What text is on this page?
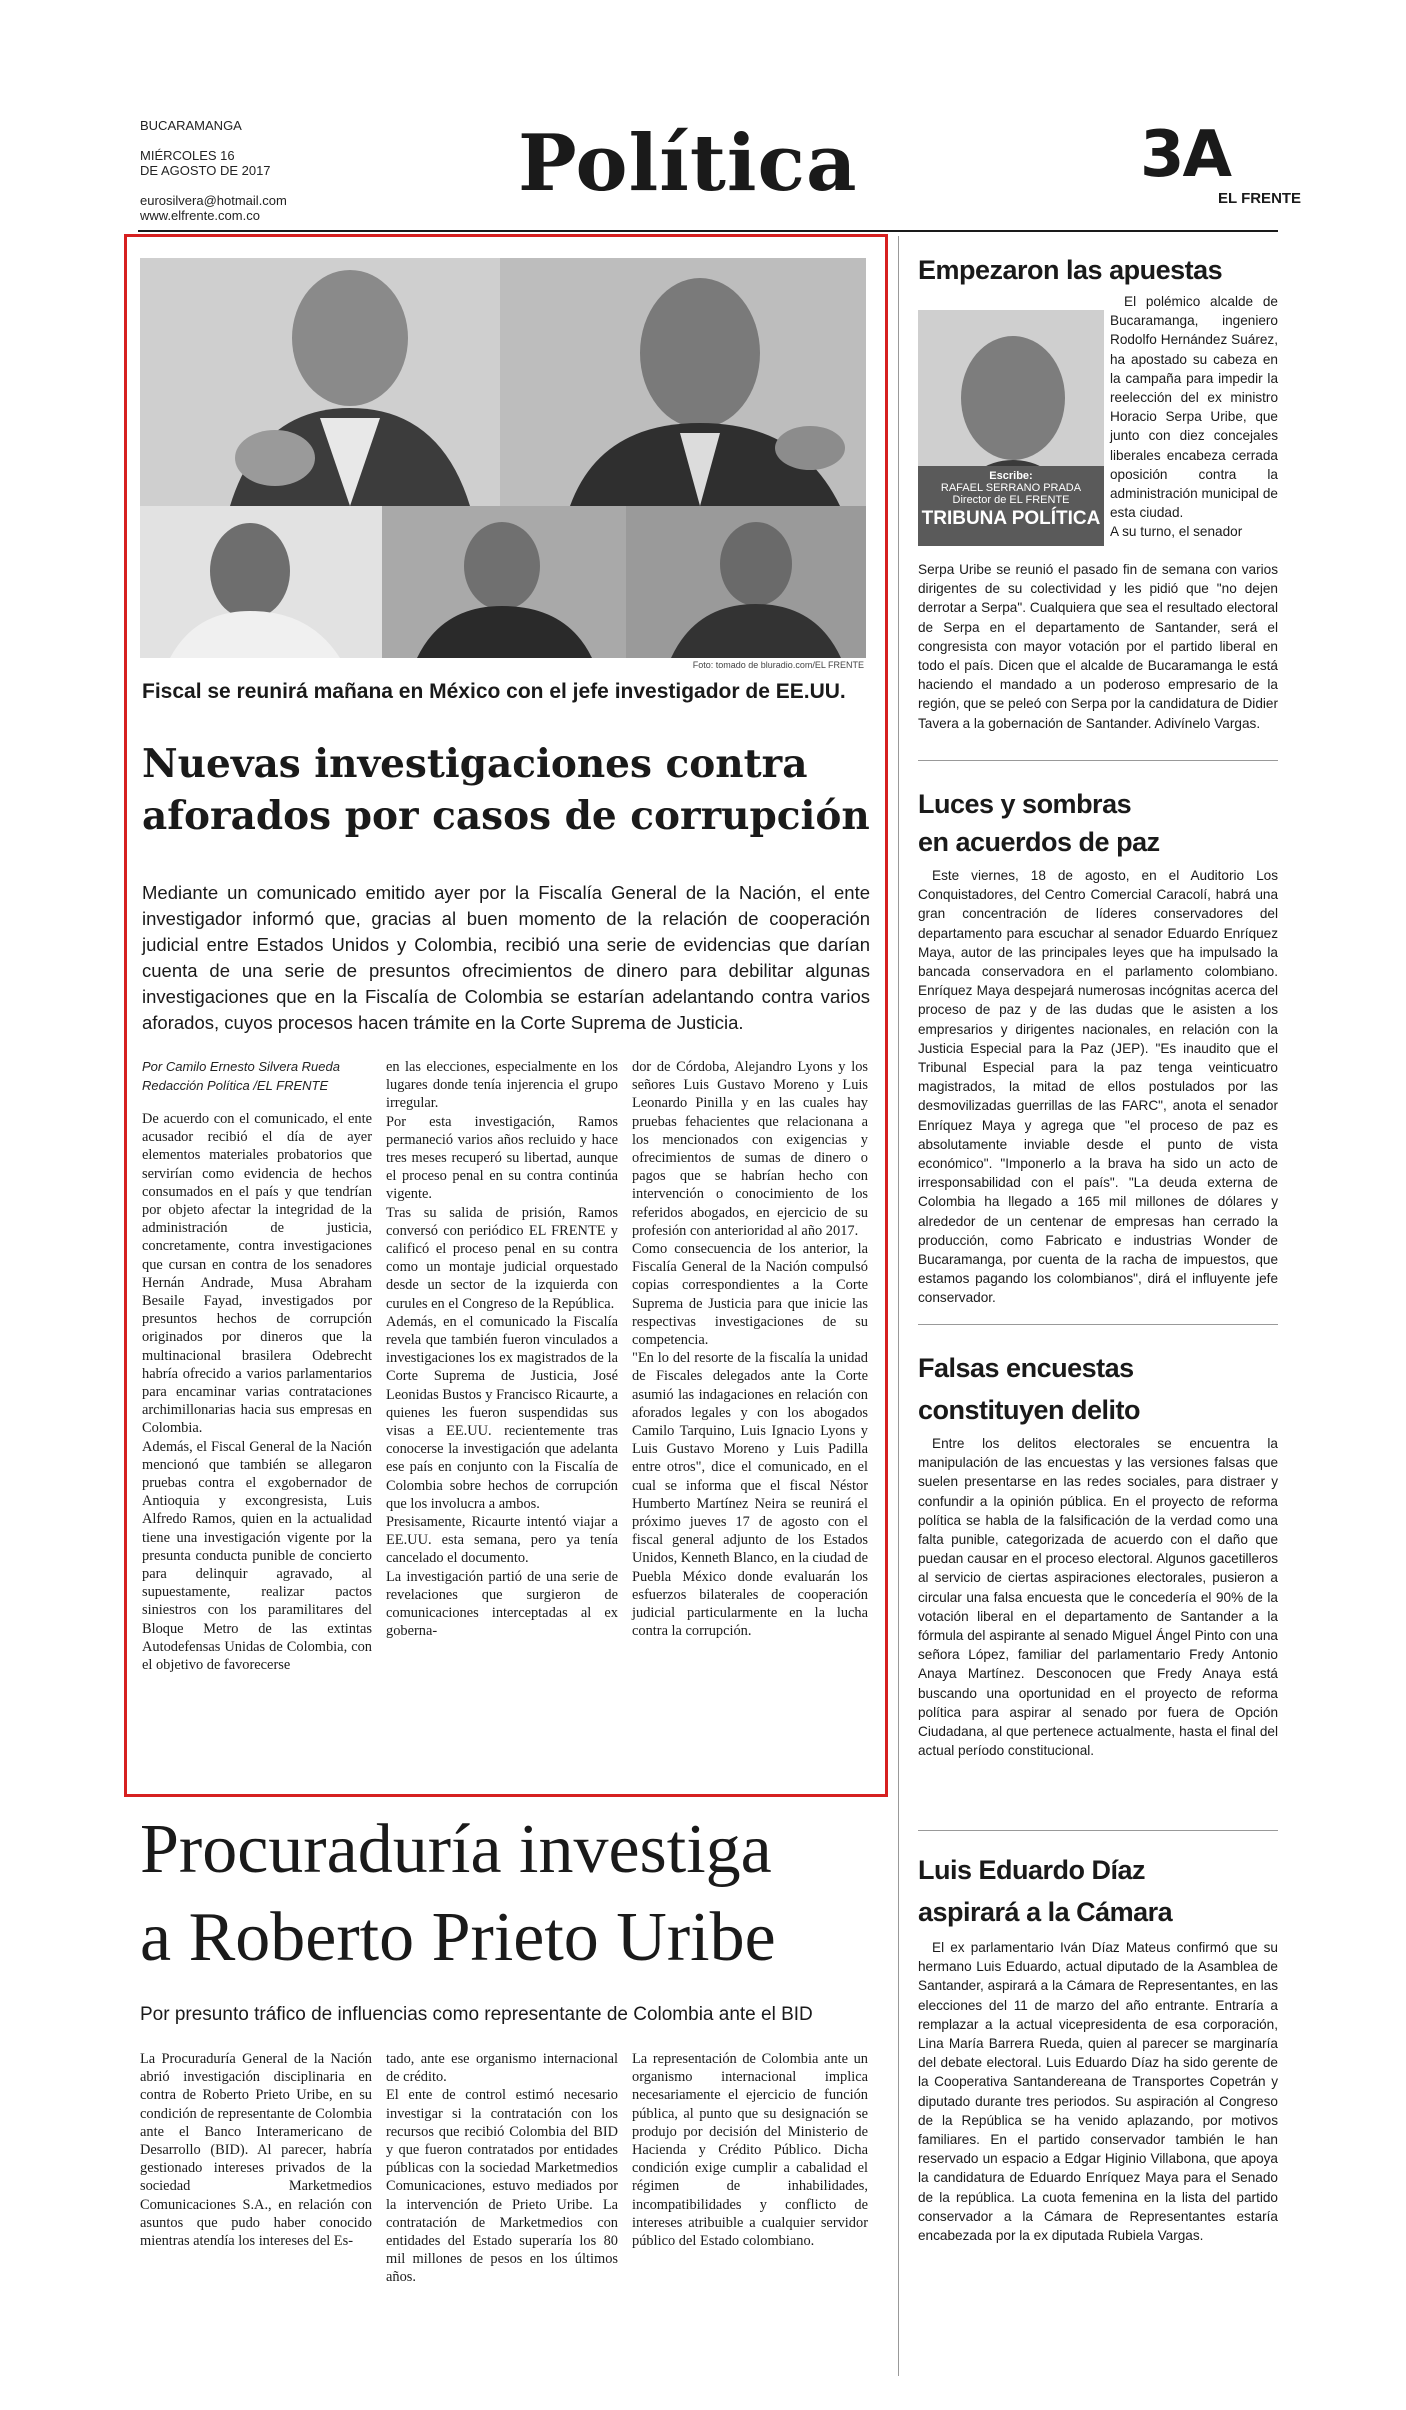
BUCARAMANGA
MIÉRCOLES 16
DE AGOSTO DE 2017
eurosilvera@hotmail.com
www.elfrente.com.co
Política	3A
EL FRENTE
Foto: tomado de bluradio.com/EL FRENTE
Fiscal se reunirá mañana en México con el jefe investigador de EE.UU.
Nuevas investigaciones contra
aforados por casos de corrupción
Mediante un comunicado emitido ayer por la Fiscalía General de la Nación, el ente investigador informó que, gracias al buen momento de la relación de cooperación judicial entre Estados Unidos y Colombia, recibió una serie de evidencias que darían cuenta de una serie de presuntos ofrecimientos de dinero para debilitar algunas investigaciones que en la Fiscalía de Colombia se estarían adelantando contra varios aforados, cuyos procesos hacen trámite en la Corte Suprema de Justicia.
Por Camilo Ernesto Silvera Rueda
Redacción Política /EL FRENTE
De acuerdo con el comunicado, el ente acusador recibió el día de ayer elementos materiales probatorios que servirían como evidencia de hechos consumados en el país y que tendrían por objeto afectar la integridad de la administración de justicia, concretamente, contra investigaciones que cursan en contra de los senadores Hernán Andrade, Musa Abraham Besaile Fayad, investigados por presuntos hechos de corrupción originados por dineros que la multinacional brasilera Odebrecht habría ofrecido a varios parlamentarios para encaminar varias contrataciones archimillonarias hacia sus empresas en Colombia.
Además, el Fiscal General de la Nación mencionó que también se allegaron pruebas contra el exgobernador de Antioquia y excongresista, Luis Alfredo Ramos, quien en la actualidad tiene una investigación vigente por la presunta conducta punible de concierto para delinquir agravado, al supuestamente, realizar pactos siniestros con los paramilitares del Bloque Metro de las extintas Autodefensas Unidas de Colombia, con el objetivo de favorecerse
en las elecciones, especialmente en los lugares donde tenía injerencia el grupo irregular.
Por esta investigación, Ramos permaneció varios años recluido y hace tres meses recuperó su libertad, aunque el proceso penal en su contra continúa vigente.
Tras su salida de prisión, Ramos conversó con periódico EL FRENTE y calificó el proceso penal en su contra como un montaje judicial orquestado desde un sector de la izquierda con curules en el Congreso de la República.
Además, en el comunicado la Fiscalía revela que también fueron vinculados a investigaciones los ex magistrados de la Corte Suprema de Justicia, José Leonidas Bustos y Francisco Ricaurte, a quienes les fueron suspendidas sus visas a EE.UU. recientemente tras conocerse la investigación que adelanta ese país en conjunto con la Fiscalía de Colombia sobre hechos de corrupción que los involucra a ambos.
Presisamente, Ricaurte intentó viajar a EE.UU. esta semana, pero ya tenía cancelado el documento.
La investigación partió de una serie de revelaciones que surgieron de comunicaciones interceptadas al ex goberna-
dor de Córdoba, Alejandro Lyons y los señores Luis Gustavo Moreno y Luis Leonardo Pinilla y en las cuales hay pruebas fehacientes que relacionana a los mencionados con exigencias y ofrecimientos de sumas de dinero o pagos que se habrían hecho con intervención o conocimiento de los referidos abogados, en ejercicio de su profesión con anterioridad al año 2017.
Como consecuencia de los anterior, la Fiscalía General de la Nación compulsó copias correspondientes a la Corte Suprema de Justicia para que inicie las respectivas investigaciones de su competencia.
"En lo del resorte de la fiscalía la unidad de Fiscales delegados ante la Corte asumió las indagaciones en relación con aforados legales y con los abogados Camilo Tarquino, Luis Ignacio Lyons y Luis Gustavo Moreno y Luis Padilla entre otros", dice el comunicado, en el cual se informa que el fiscal Néstor Humberto Martínez Neira se reunirá el próximo jueves 17 de agosto con el fiscal general adjunto de los Estados Unidos, Kenneth Blanco, en la ciudad de Puebla México donde evaluarán los esfuerzos bilaterales de cooperación judicial particularmente en la lucha contra la corrupción.
Procuraduría investiga
a Roberto Prieto Uribe
Por presunto tráfico de influencias como representante de Colombia ante el BID
La Procuraduría General de la Nación abrió investigación disciplinaria en contra de Roberto Prieto Uribe, en su condición de representante de Colombia ante el Banco Interamericano de Desarrollo (BID). Al parecer, habría gestionado intereses privados de la sociedad Marketmedios Comunicaciones S.A., en relación con asuntos que pudo haber conocido mientras atendía los intereses del Es-
tado, ante ese organismo internacional de crédito.
El ente de control estimó necesario investigar si la contratación con los recursos que recibió Colombia del BID y que fueron contratados por entidades públicas con la sociedad Marketmedios Comunicaciones, estuvo mediados por la intervención de Prieto Uribe. La contratación de Marketmedios con entidades del Estado superaría los 80 mil millones de pesos en los últimos años.
La representación de Colombia ante un organismo internacional implica necesariamente el ejercicio de función pública, al punto que su designación se produjo por decisión del Ministerio de Hacienda y Crédito Público. Dicha condición exige cumplir a cabalidad el régimen de inhabilidades, incompatibilidades y conflicto de intereses atribuible a cualquier servidor público del Estado colombiano.
Empezaron las apuestas
Escribe:
RAFAEL SERRANO PRADA
Director de EL FRENTE
TRIBUNA POLÍTICA
El polémico alcalde de Bucaramanga, ingeniero Rodolfo Hernández Suárez, ha apostado su cabeza en la campaña para impedir la reelección del ex ministro Horacio Serpa Uribe, que junto con diez concejales liberales encabeza cerrada oposición contra la administración municipal de esta ciudad.
A su turno, el senador
Serpa Uribe se reunió el pasado fin de semana con varios dirigentes de su colectividad y les pidió que "no dejen derrotar a Serpa". Cualquiera que sea el resultado electoral de Serpa en el departamento de Santander, será el congresista con mayor votación por el partido liberal en todo el país. Dicen que el alcalde de Bucaramanga le está haciendo el mandado a un poderoso empresario de la región, que se peleó con Serpa por la candidatura de Didier Tavera a la gobernación de Santander. Adivínelo Vargas.
Luces y sombras
en acuerdos de paz
Este viernes, 18 de agosto, en el Auditorio Los Conquistadores, del Centro Comercial Caracolí, habrá una gran concentración de líderes conservadores del departamento para escuchar al senador Eduardo Enríquez Maya, autor de las principales leyes que ha impulsado la bancada conservadora en el parlamento colombiano. Enríquez Maya despejará numerosas incógnitas acerca del proceso de paz y de las dudas que le asisten a los empresarios y dirigentes nacionales, en relación con la Justicia Especial para la Paz (JEP). "Es inaudito que el Tribunal Especial para la paz tenga veinticuatro magistrados, la mitad de ellos postulados por las desmovilizadas guerrillas de las FARC", anota el senador Enríquez Maya y agrega que "el proceso de paz es absolutamente inviable desde el punto de vista económico". "Imponerlo a la brava ha sido un acto de irresponsabilidad con el país". "La deuda externa de Colombia ha llegado a 165 mil millones de dólares y alrededor de un centenar de empresas han cerrado la producción, como Fabricato e industrias Wonder de Bucaramanga, por cuenta de la racha de impuestos, que estamos pagando los colombianos", dirá el influyente jefe conservador.
Falsas encuestas
constituyen delito
Entre los delitos electorales se encuentra la manipulación de las encuestas y las versiones falsas que suelen presentarse en las redes sociales, para distraer y confundir a la opinión pública. En el proyecto de reforma política se habla de la falsificación de la verdad como una falta punible, categorizada de acuerdo con el daño que puedan causar en el proceso electoral. Algunos gacetilleros al servicio de ciertas aspiraciones electorales, pusieron a circular una falsa encuesta que le concedería el 90% de la votación liberal en el departamento de Santander a la fórmula del aspirante al senado Miguel Ángel Pinto con una señora López, familiar del parlamentario Fredy Antonio Anaya Martínez. Desconocen que Fredy Anaya está buscando una oportunidad en el proyecto de reforma política para aspirar al senado por fuera de Opción Ciudadana, al que pertenece actualmente, hasta el final del actual período constitucional.
Luis Eduardo Díaz
aspirará a la Cámara
El ex parlamentario Iván Díaz Mateus confirmó que su hermano Luis Eduardo, actual diputado de la Asamblea de Santander, aspirará a la Cámara de Representantes, en las elecciones del 11 de marzo del año entrante. Entraría a remplazar a la actual vicepresidenta de esa corporación, Lina María Barrera Rueda, quien al parecer se marginaría del debate electoral. Luis Eduardo Díaz ha sido gerente de la Cooperativa Santandereana de Transportes Copetrán y diputado durante tres periodos. Su aspiración al Congreso de la República se ha venido aplazando, por motivos familiares. En el partido conservador también le han reservado un espacio a Edgar Higinio Villabona, que apoya la candidatura de Eduardo Enríquez Maya para el Senado de la república. La cuota femenina en la lista del partido conservador a la Cámara de Representantes estaría encabezada por la ex diputada Rubiela Vargas.
